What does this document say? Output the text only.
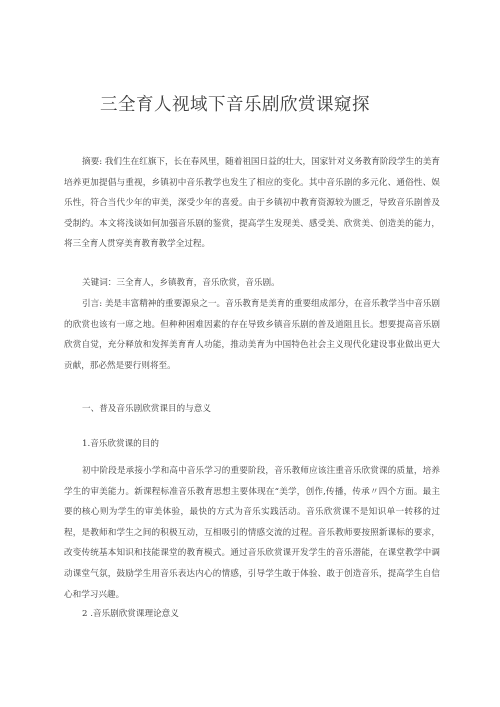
三全育人视域下音乐剧欣赏课窥探

摘要: 我们生在红旗下，长在春风里，随着祖国日益的壮大，国家针对义务教育阶段学生的美育培养更加提倡与重视，乡镇初中音乐教学也发生了相应的变化。其中音乐剧的多元化、通俗性、娱乐性，符合当代少年的审美，深受少年的喜爱。由于乡镇初中教育资源较为匮乏，导致音乐剧普及受制约。本文将浅谈如何加强音乐剧的鉴赏，提高学生发现美、感受美、欣赏美、创造美的能力，将三全育人贯穿美育教育教学全过程。

关键词：三全育人，乡镇教育，音乐欣赏，音乐剧。

引言: 美是丰富精神的重要源泉之一。音乐教育是美育的重要组成部分，在音乐教学当中音乐剧的欣赏也该有一席之地。但种种困难因素的存在导致乡镇音乐剧的普及道阻且长。想要提高音乐剧欣赏自觉，充分释放和发挥美育育人功能，推动美育为中国特色社会主义现代化建设事业做出更大贡献，那必然是要行则将至。

一、普及音乐剧欣赏课目的与意义

1.音乐欣赏课的目的

初中阶段是承接小学和高中音乐学习的重要阶段，音乐教师应该注重音乐欣赏课的质量，培养学生的审美能力。新课程标准音乐教育思想主要体现在“美学，创作,传播，传承〃四个方面。最主要的核心则为学生的审美体验，最快的方式为音乐实践活动。音乐欣赏课不是知识单一转移的过程，是教师和学生之间的积极互动，互相吸引的情感交流的过程。音乐教师要按照新课标的要求，改变传统基本知识和技能课堂的教育模式。通过音乐欣赏课开发学生的音乐潜能，在课堂教学中调动课堂气氛，鼓励学生用音乐表达内心的情感，引导学生敢于体验、敢于创造音乐，提高学生自信心和学习兴趣。

2 .音乐剧欣赏课理论意义
